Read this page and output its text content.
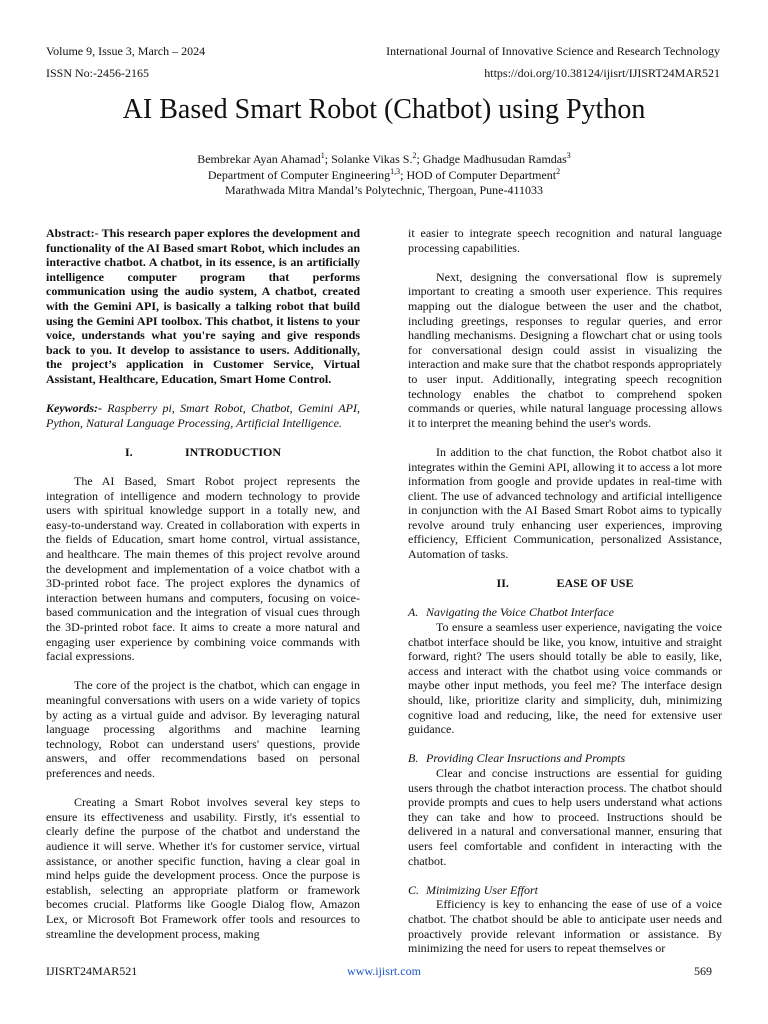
Volume 9, Issue 3, March – 2024	International Journal of Innovative Science and Research Technology
ISSN No:-2456-2165	https://doi.org/10.38124/ijisrt/IJISRT24MAR521
AI Based Smart Robot (Chatbot) using Python
Bembrekar Ayan Ahamad$^1$; Solanke Vikas S.$^2$; Ghadge Madhusudan Ramdas$^3$
Department of Computer Engineering$^{1,3}$; HOD of Computer Department$^2$
Marathwada Mitra Mandal’s Polytechnic, Thergoan, Pune-411033

Abstract:- This research paper explores the development and functionality of the AI Based smart Robot, which includes an interactive chatbot. A chatbot, in its essence, is an artificially intelligence computer program that performs communication using the audio system, A chatbot, created with the Gemini API, is basically a talking robot that build using the Gemini API toolbox. This chatbot, it listens to your voice, understands what you're saying and give responds back to you. It develop to assistance to users. Additionally, the project’s application in Customer Service, Virtual Assistant, Healthcare, Education, Smart Home Control.

Keywords:- Raspberry pi, Smart Robot, Chatbot, Gemini API, Python, Natural Language Processing, Artificial Intelligence.

I.	INTRODUCTION

The AI Based, Smart Robot project represents the integration of intelligence and modern technology to provide users with spiritual knowledge support in a totally new, and easy-to-understand way. Created in collaboration with experts in the fields of Education, smart home control, virtual assistance, and healthcare. The main themes of this project revolve around the development and implementation of a voice chatbot with a 3D-printed robot face. The project explores the dynamics of interaction between humans and computers, focusing on voice-based communication and the integration of visual cues through the 3D-printed robot face. It aims to create a more natural and engaging user experience by combining voice commands with facial expressions.

The core of the project is the chatbot, which can engage in meaningful conversations with users on a wide variety of topics by acting as a virtual guide and advisor. By leveraging natural language processing algorithms and machine learning technology, Robot can understand users' questions, provide answers, and offer recommendations based on personal preferences and needs.

Creating a Smart Robot involves several key steps to ensure its effectiveness and usability. Firstly, it's essential to clearly define the purpose of the chatbot and understand the audience it will serve. Whether it's for customer service, virtual assistance, or another specific function, having a clear goal in mind helps guide the development process. Once the purpose is establish, selecting an appropriate platform or framework becomes crucial. Platforms like Google Dialog flow, Amazon Lex, or Microsoft Bot Framework offer tools and resources to streamline the development process, making

it easier to integrate speech recognition and natural language processing capabilities.

Next, designing the conversational flow is supremely important to creating a smooth user experience. This requires mapping out the dialogue between the user and the chatbot, including greetings, responses to regular queries, and error handling mechanisms. Designing a flowchart chat or using tools for conversational design could assist in visualizing the interaction and make sure that the chatbot responds appropriately to user input. Additionally, integrating speech recognition technology enables the chatbot to comprehend spoken commands or queries, while natural language processing allows it to interpret the meaning behind the user's words.

In addition to the chat function, the Robot chatbot also it integrates within the Gemini API, allowing it to access a lot more information from google and provide updates in real-time with client. The use of advanced technology and artificial intelligence in conjunction with the AI Based Smart Robot aims to typically revolve around truly enhancing user experiences, improving efficiency, Efficient Communication, personalized Assistance, Automation of tasks.

II.	EASE OF USE
A. Navigating the Voice Chatbot Interface

To ensure a seamless user experience, navigating the voice chatbot interface should be like, you know, intuitive and straight forward, right? The users should totally be able to easily, like, access and interact with the chatbot using voice commands or maybe other input methods, you feel me? The interface design should, like, prioritize clarity and simplicity, duh, minimizing cognitive load and reducing, like, the need for extensive user guidance.

B. Providing Clear Insructions and Prompts

Clear and concise instructions are essential for guiding users through the chatbot interaction process. The chatbot should provide prompts and cues to help users understand what actions they can take and how to proceed. Instructions should be delivered in a natural and conversational manner, ensuring that users feel comfortable and confident in interacting with the chatbot.

C. Minimizing User Effort

Efficiency is key to enhancing the ease of use of a voice chatbot. The chatbot should be able to anticipate user needs and proactively provide relevant information or assistance. By minimizing the need for users to repeat themselves or

IJISRT24MAR521	www.ijisrt.com	569
